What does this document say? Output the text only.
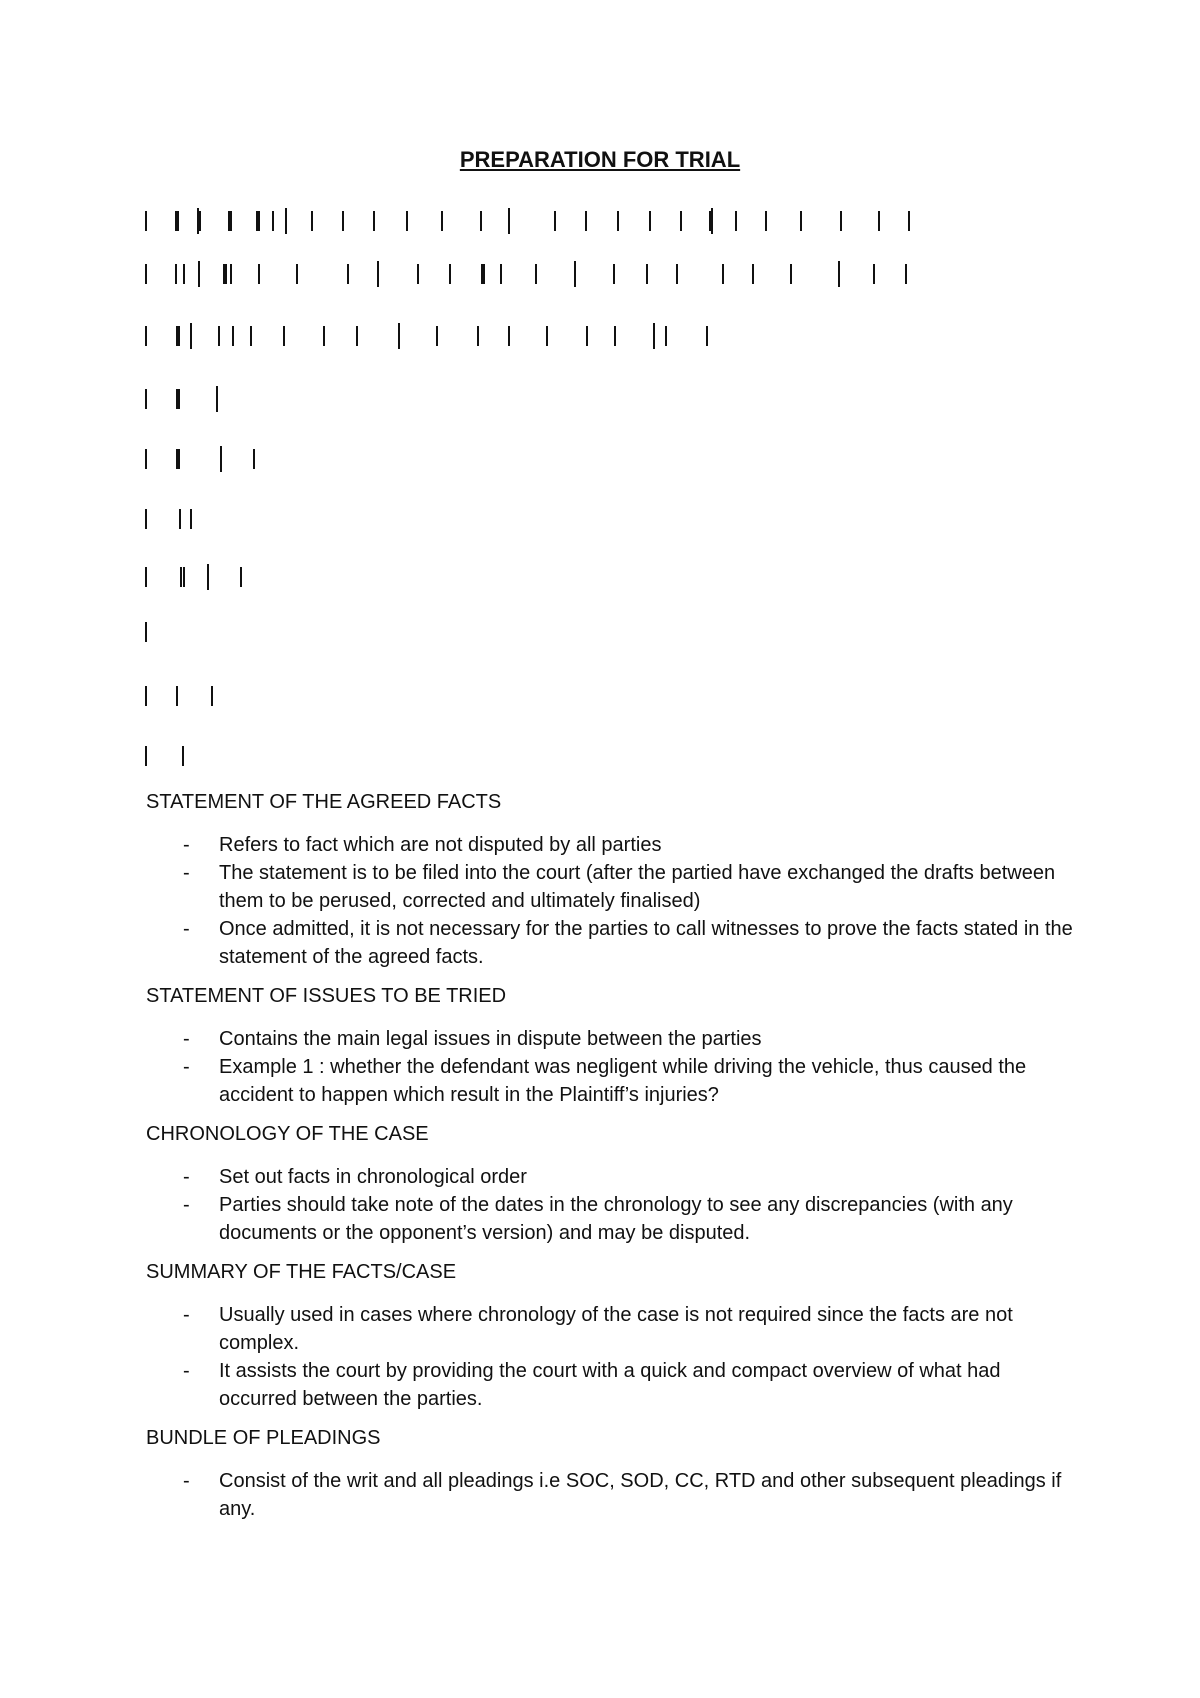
PREPARATION FOR TRIAL
STATEMENT OF THE AGREED FACTS
- Refers to fact which are not disputed by all parties
- The statement is to be filed into the court (after the partied have exchanged the drafts between them to be perused, corrected and ultimately finalised)
- Once admitted, it is not necessary for the parties to call witnesses to prove the facts stated in the statement of the agreed facts.
STATEMENT OF ISSUES TO BE TRIED
- Contains the main legal issues in dispute between the parties
- Example 1 : whether the defendant was negligent while driving the vehicle, thus caused the accident to happen which result in the Plaintiff’s injuries?
CHRONOLOGY OF THE CASE
- Set out facts in chronological order
- Parties should take note of the dates in the chronology to see any discrepancies (with any documents or the opponent’s version) and may be disputed.
SUMMARY OF THE FACTS/CASE
- Usually used in cases where chronology of the case is not required since the facts are not complex.
- It assists the court by providing the court with a quick and compact overview of what had occurred between the parties.
BUNDLE OF PLEADINGS
- Consist of the writ and all pleadings i.e SOC, SOD, CC, RTD and other subsequent pleadings if any.
